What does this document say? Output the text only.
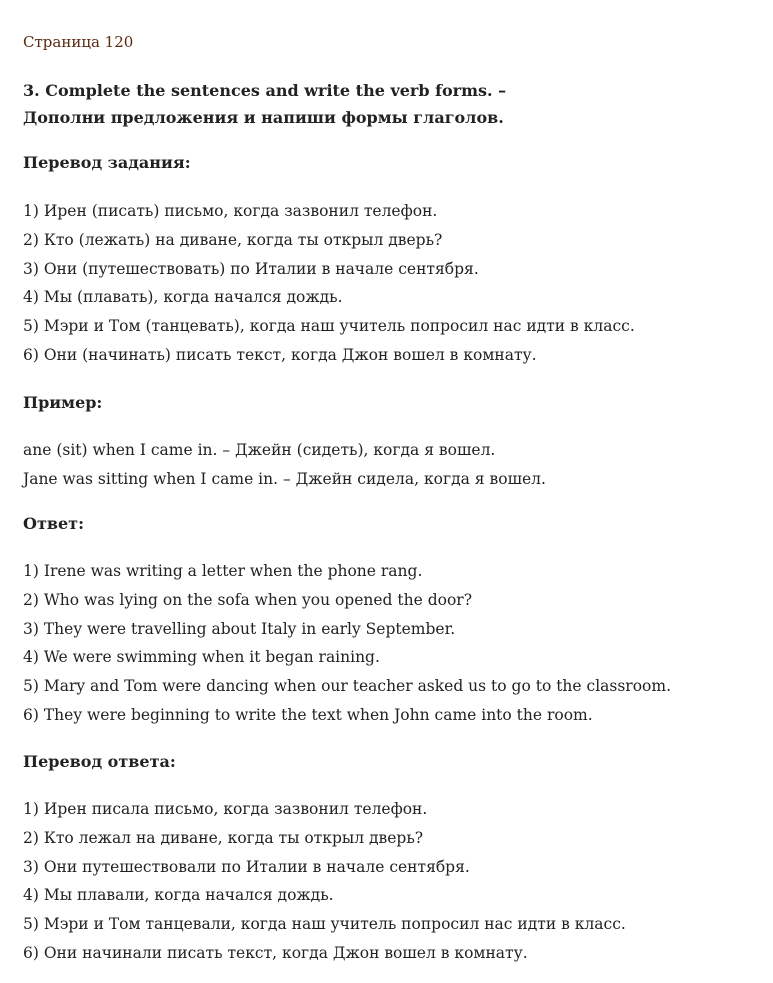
Страница 120
3. Complete the sentences and write the verb forms. –
Дополни предложения и напиши формы глаголов.
Перевод задания:
1) Ирен (писать) письмо, когда зазвонил телефон.
2) Кто (лежать) на диване, когда ты открыл дверь?
3) Они (путешествовать) по Италии в начале сентября.
4) Мы (плавать), когда начался дождь.
5) Мэри и Том (танцевать), когда наш учитель попросил нас идти в класс.
6) Они (начинать) писать текст, когда Джон вошел в комнату.
Пример:
ane (sit) when I came in. – Джейн (сидеть), когда я вошел.
Jane was sitting when I came in. – Джейн сидела, когда я вошел.
Ответ:
1) Irene was writing a letter when the phone rang.
2) Who was lying on the sofa when you opened the door?
3) They were travelling about Italy in early September.
4) We were swimming when it began raining.
5) Mary and Tom were dancing when our teacher asked us to go to the classroom.
6) They were beginning to write the text when John came into the room.
Перевод ответа:
1) Ирен писала письмо, когда зазвонил телефон.
2) Кто лежал на диване, когда ты открыл дверь?
3) Они путешествовали по Италии в начале сентября.
4) Мы плавали, когда начался дождь.
5) Мэри и Том танцевали, когда наш учитель попросил нас идти в класс.
6) Они начинали писать текст, когда Джон вошел в комнату.
